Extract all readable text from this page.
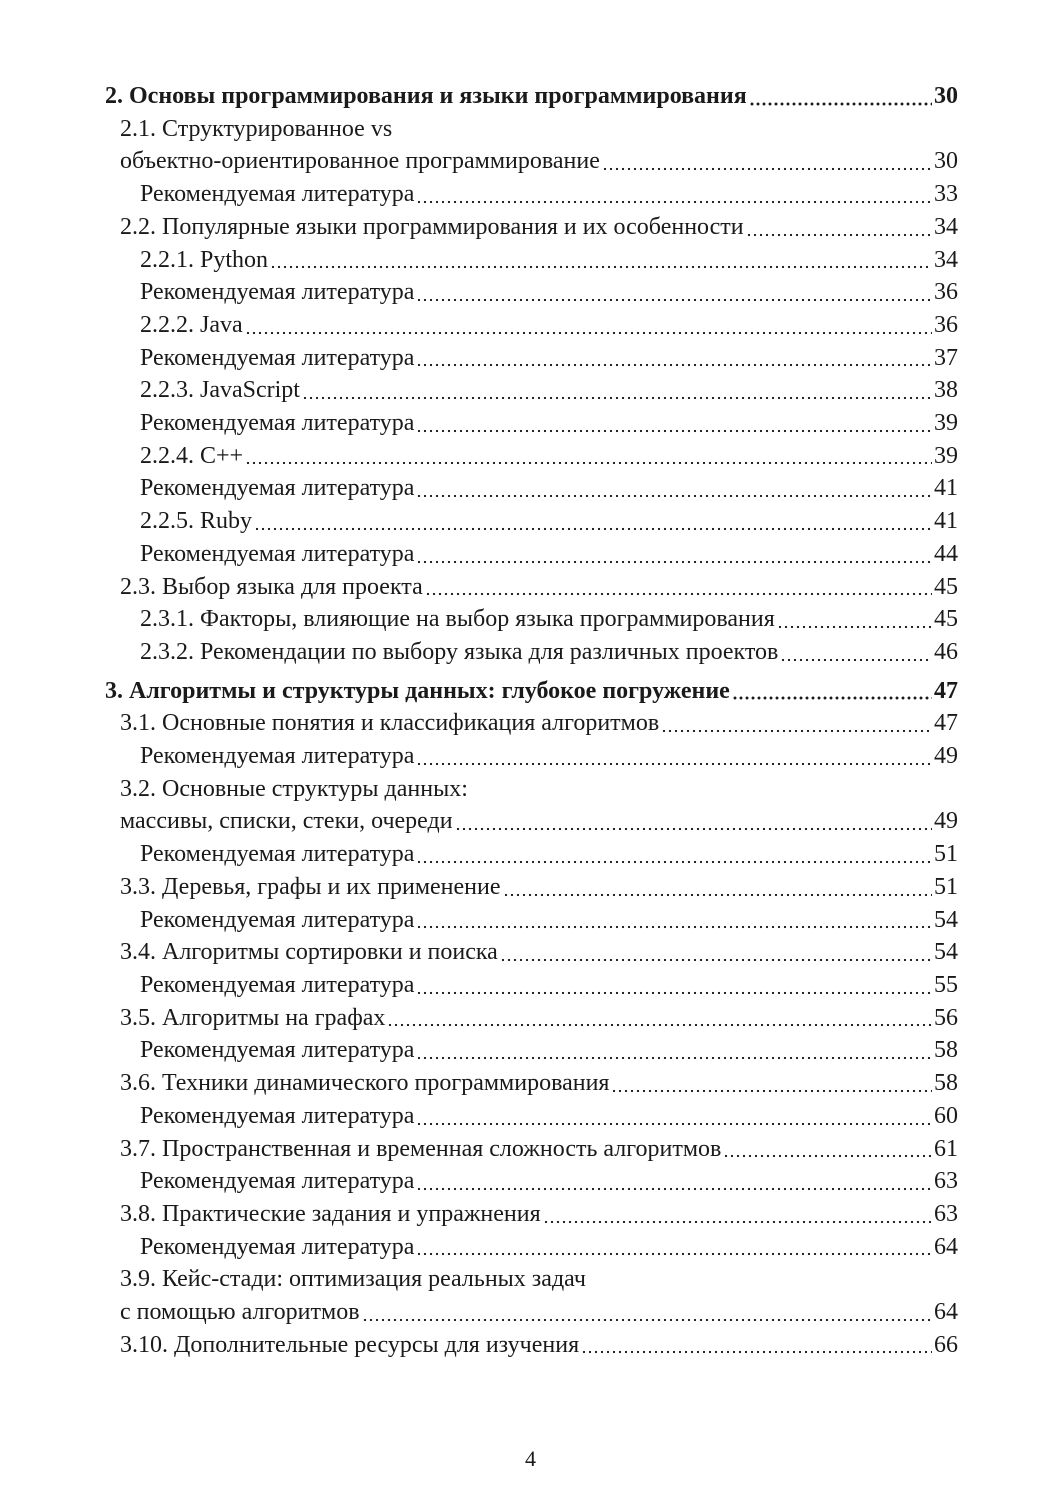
2. Основы программирования и языки программирования	30
2.1. Структурированное vs
объектно-ориентированное программирование	30
Рекомендуемая литература	33
2.2. Популярные языки программирования и их особенности	34
2.2.1. Python	34
Рекомендуемая литература	36
2.2.2. Java	36
Рекомендуемая литература	37
2.2.3. JavaScript	38
Рекомендуемая литература	39
2.2.4. C++	39
Рекомендуемая литература	41
2.2.5. Ruby	41
Рекомендуемая литература	44
2.3. Выбор языка для проекта	45
2.3.1. Факторы, влияющие на выбор языка программирования	45
2.3.2. Рекомендации по выбору языка для различных проектов	46
3. Алгоритмы и структуры данных: глубокое погружение	47
3.1. Основные понятия и классификация алгоритмов	47
Рекомендуемая литература	49
3.2. Основные структуры данных:
массивы, списки, стеки, очереди	49
Рекомендуемая литература	51
3.3. Деревья, графы и их применение	51
Рекомендуемая литература	54
3.4. Алгоритмы сортировки и поиска	54
Рекомендуемая литература	55
3.5. Алгоритмы на графах	56
Рекомендуемая литература	58
3.6. Техники динамического программирования	58
Рекомендуемая литература	60
3.7. Пространственная и временная сложность алгоритмов	61
Рекомендуемая литература	63
3.8. Практические задания и упражнения	63
Рекомендуемая литература	64
3.9. Кейс-стади: оптимизация реальных задач
с помощью алгоритмов	64
3.10. Дополнительные ресурсы для изучения	66
4
